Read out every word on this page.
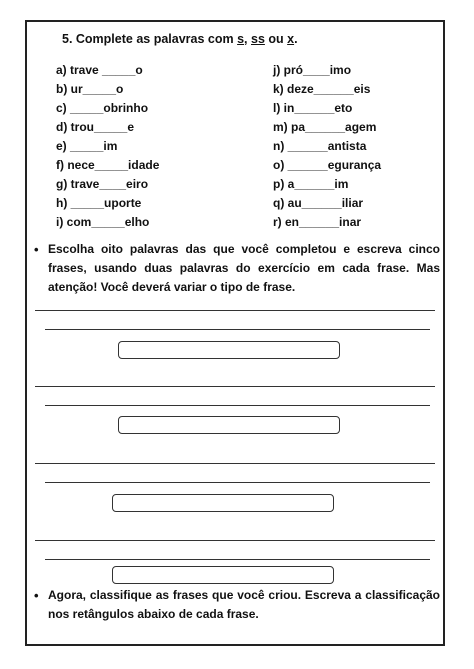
5. Complete as palavras com s, ss ou x.
a) trave _____o
b) ur_____o
c) _____obrinho
d) trou_____e
e) _____im
f) nece_____idade
g) trave____eiro
h) _____uporte
i) com_____elho
j) pró____imo
k) deze______eis
l) in______eto
m) pa______agem
n) ______antista
o) ______egurança
p) a______im
q) au______iliar
r) en______inar
• Escolha oito palavras das que você completou e escreva cinco frases, usando duas palavras do exercício em cada frase. Mas atenção! Você deverá variar o tipo de frase.
• Agora, classifique as frases que você criou. Escreva a classificação nos retângulos abaixo de cada frase.
